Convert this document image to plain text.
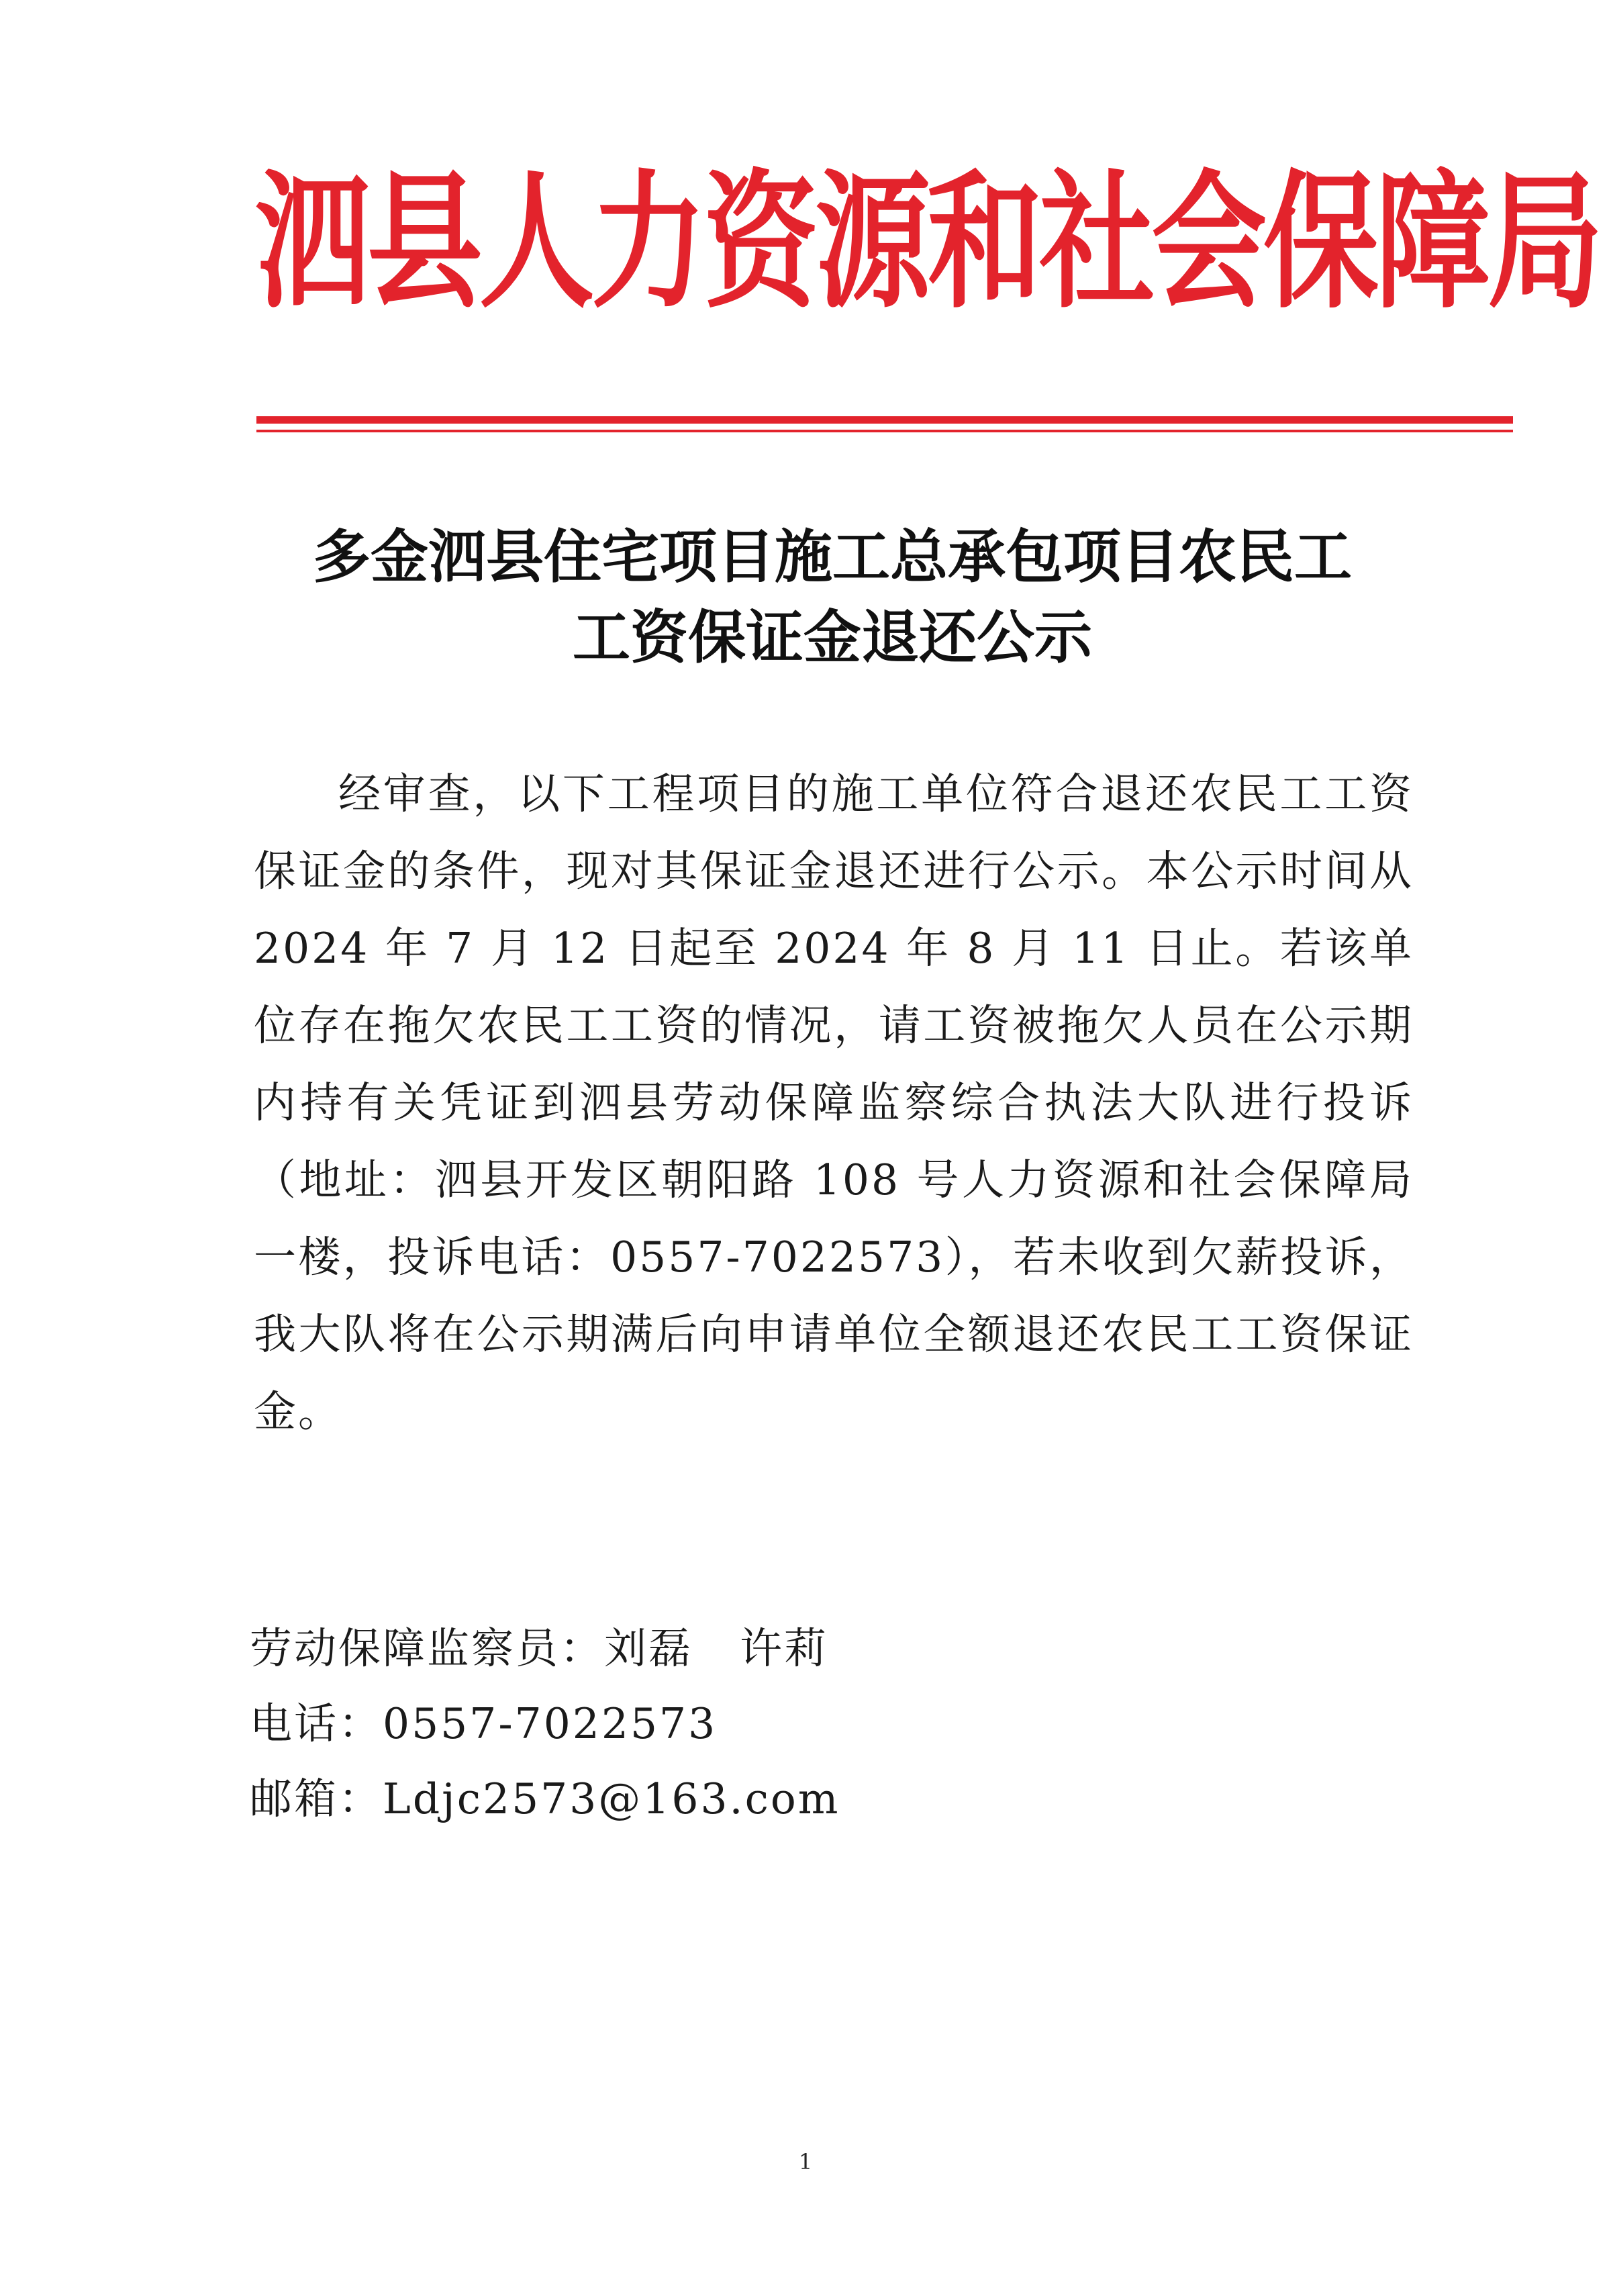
泗县人力资源和社会保障局
多金泗县住宅项目施工总承包项目农民工
工资保证金退还公示

经审查，以下工程项目的施工单位符合退还农民工工资保证金的条件，现对其保证金退还进行公示。本公示时间从 2024 年 7 月 12 日起至 2024 年 8 月 11 日止。若该单位存在拖欠农民工工资的情况，请工资被拖欠人员在公示期内持有关凭证到泗县劳动保障监察综合执法大队进行投诉（地址：泗县开发区朝阳路 108 号人力资源和社会保障局一楼，投诉电话：0557-7022573），若未收到欠薪投诉，我大队将在公示期满后向申请单位全额退还农民工工资保证金。

劳动保障监察员：刘磊 许莉
电话：0557-7022573
邮箱：Ldjc2573@163.com
1
